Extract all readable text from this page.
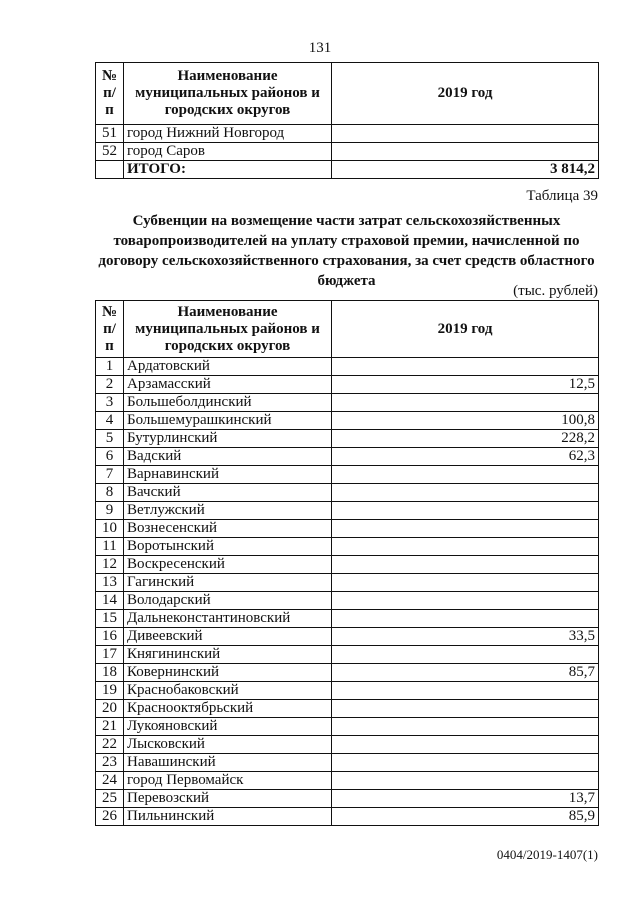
131
№ п/п	Наименование муниципальных районов и городских округов	2019 год
51	город Нижний Новгород	
52	город Саров	
	ИТОГО:	3 814,2
Таблица 39
Субвенции на возмещение части затрат сельскохозяйственных товаропроизводителей на уплату страховой премии, начисленной по договору сельскохозяйственного страхования, за счет средств областного бюджета
(тыс. рублей)
№ п/п	Наименование муниципальных районов и городских округов	2019 год
1	Ардатовский	
2	Арзамасский	12,5
3	Большеболдинский	
4	Большемурашкинский	100,8
5	Бутурлинский	228,2
6	Вадский	62,3
7	Варнавинский	
8	Вачский	
9	Ветлужский	
10	Вознесенский	
11	Воротынский	
12	Воскресенский	
13	Гагинский	
14	Володарский	
15	Дальнеконстантиновский	
16	Дивеевский	33,5
17	Княгининский	
18	Ковернинский	85,7
19	Краснобаковский	
20	Краснооктябрьский	
21	Лукояновский	
22	Лысковский	
23	Навашинский	
24	город Первомайск	
25	Перевозский	13,7
26	Пильнинский	85,9
0404/2019-1407(1)
